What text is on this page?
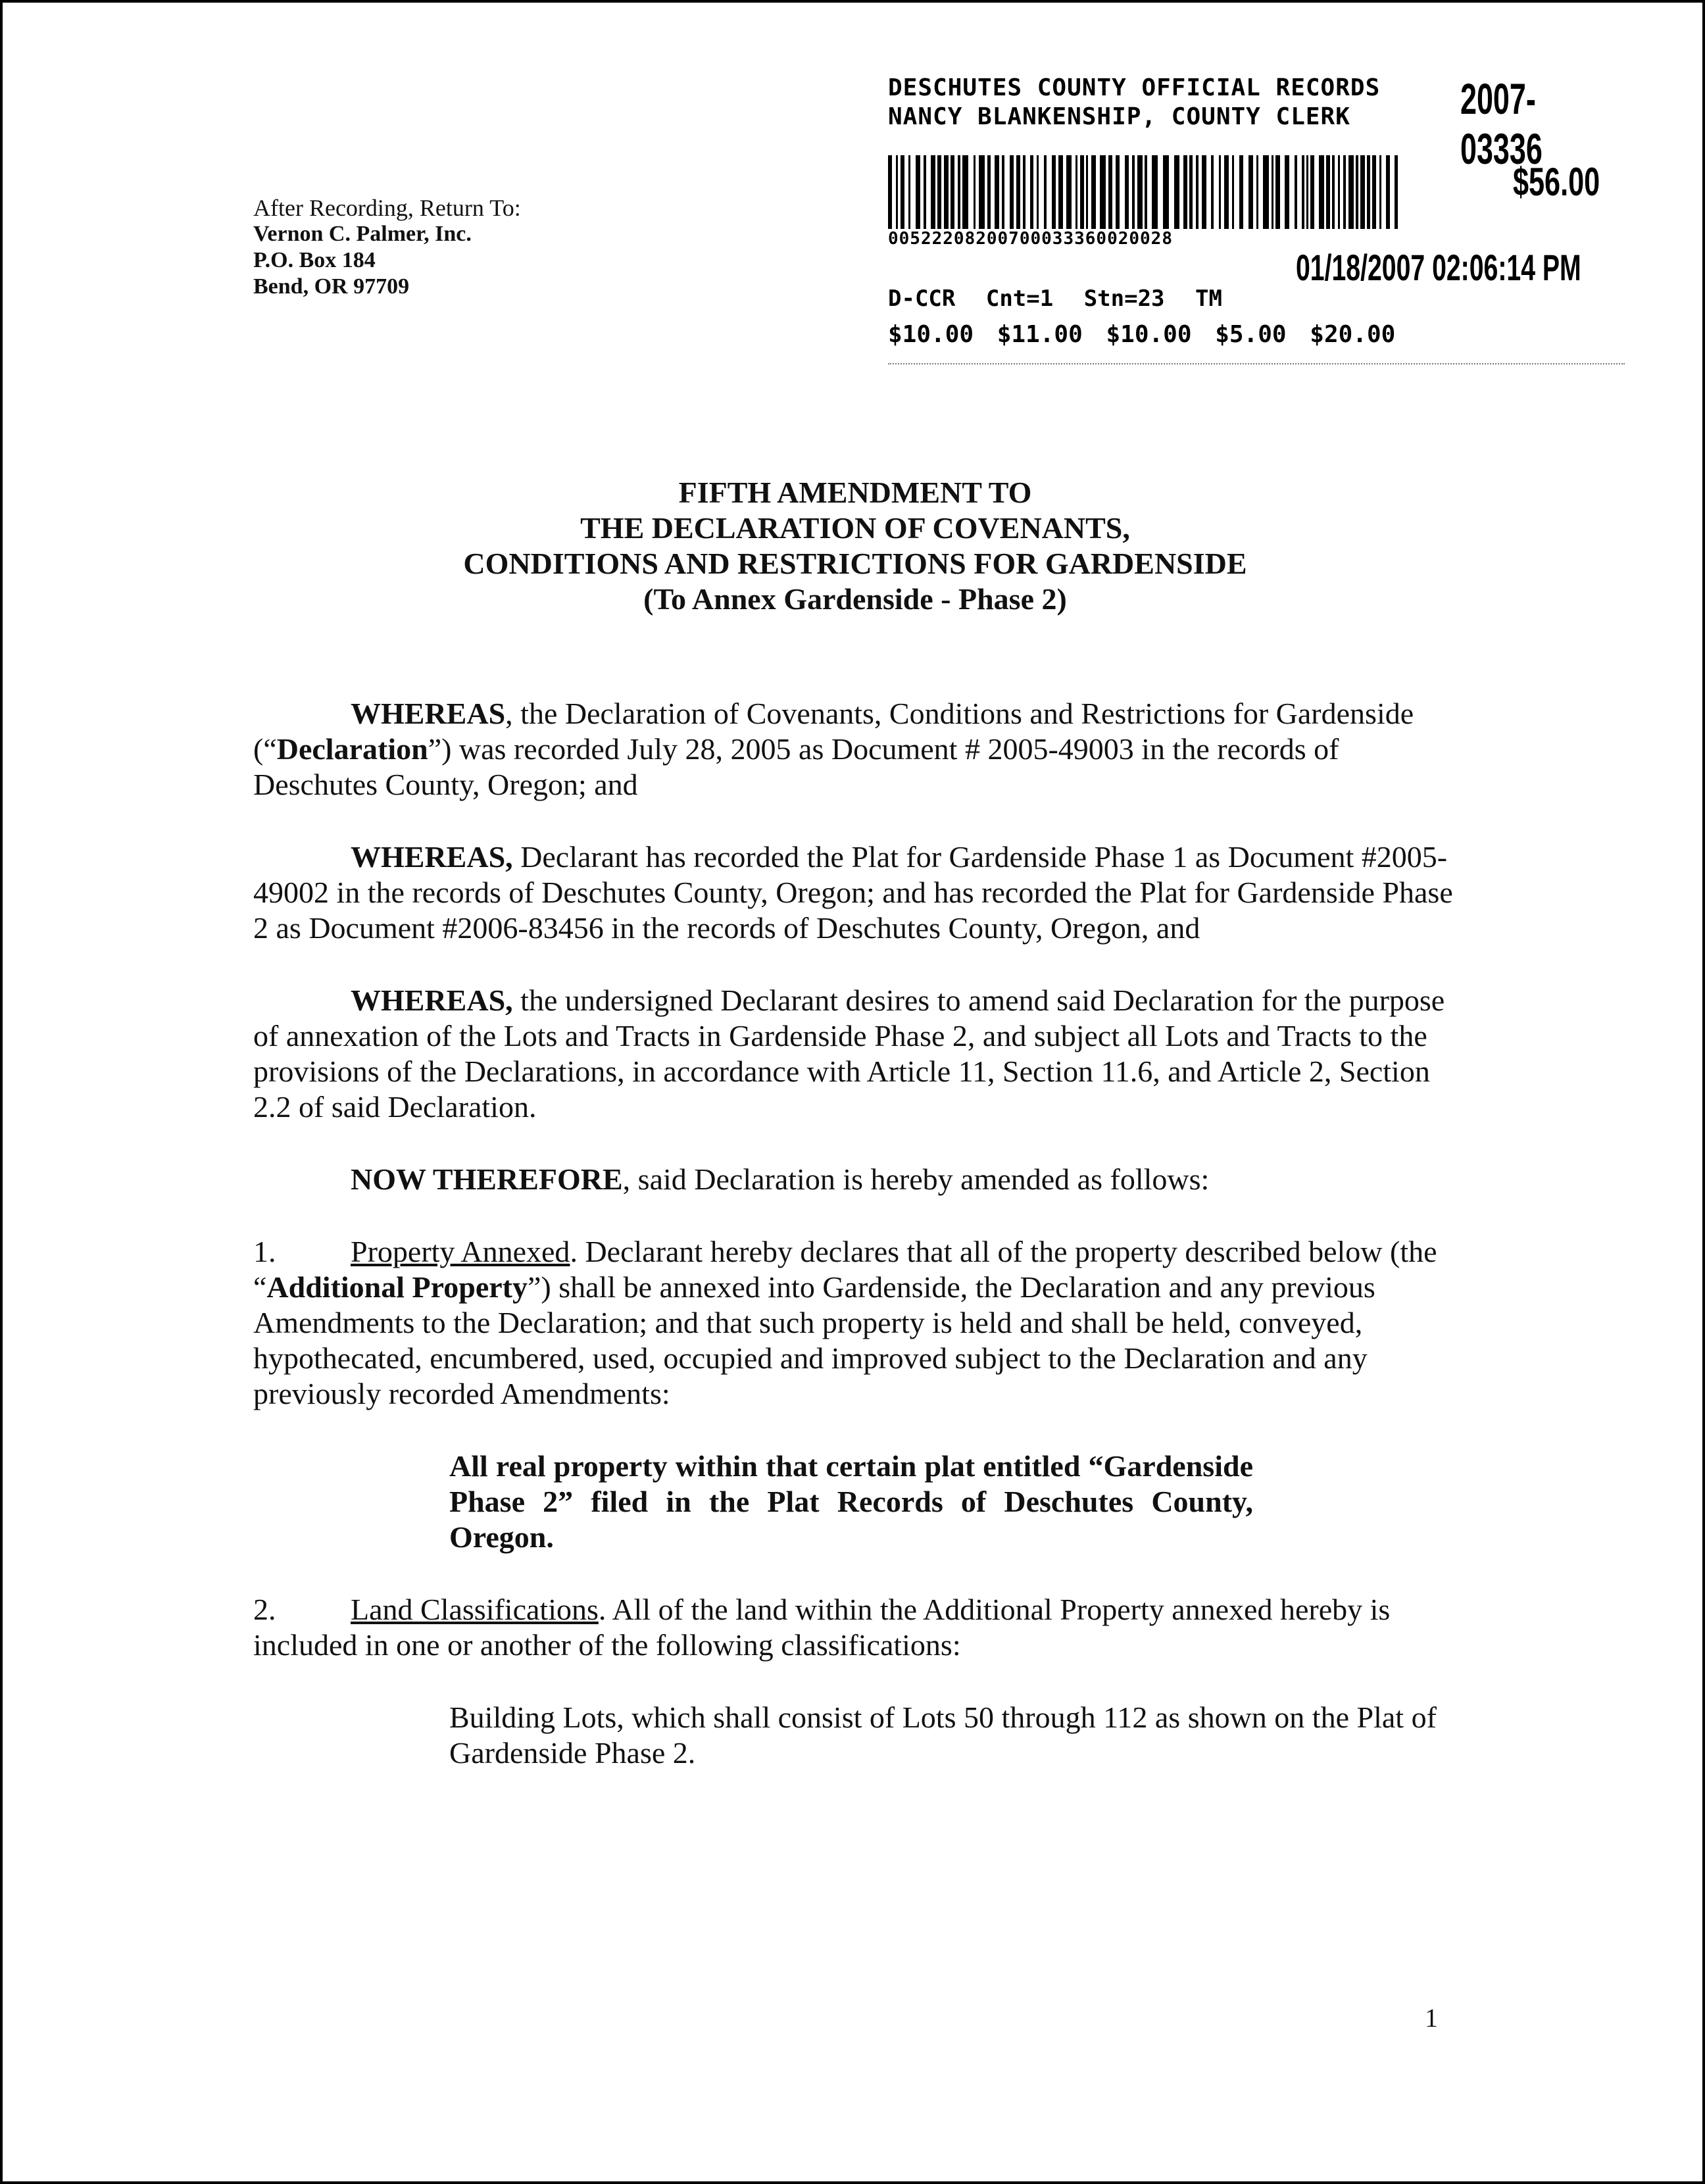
After Recording, Return To:
Vernon C. Palmer, Inc.
P.O. Box 184
Bend, OR 97709
DESCHUTES COUNTY OFFICIAL RECORDS
NANCY BLANKENSHIP, COUNTY CLERK
00522208200700033360020028
2007-03336
$56.00
01/18/2007 02:06:14 PM
D-CCR Cnt=1 Stn=23 TM
$10.00 $11.00 $10.00 $5.00 $20.00
FIFTH AMENDMENT TO
THE DECLARATION OF COVENANTS,
CONDITIONS AND RESTRICTIONS FOR GARDENSIDE
(To Annex Gardenside - Phase 2)

WHEREAS, the Declaration of Covenants, Conditions and Restrictions for Gardenside (“Declaration”) was recorded July 28, 2005 as Document # 2005-49003 in the records of Deschutes County, Oregon; and

WHEREAS, Declarant has recorded the Plat for Gardenside Phase 1 as Document #2005-49002 in the records of Deschutes County, Oregon; and has recorded the Plat for Gardenside Phase 2 as Document #2006-83456 in the records of Deschutes County, Oregon, and

WHEREAS, the undersigned Declarant desires to amend said Declaration for the purpose of annexation of the Lots and Tracts in Gardenside Phase 2, and subject all Lots and Tracts to the provisions of the Declarations, in accordance with Article 11, Section 11.6, and Article 2, Section 2.2 of said Declaration.

NOW THEREFORE, said Declaration is hereby amended as follows:

1. Property Annexed. Declarant hereby declares that all of the property described below (the “Additional Property”) shall be annexed into Gardenside, the Declaration and any previous Amendments to the Declaration; and that such property is held and shall be held, conveyed, hypothecated, encumbered, used, occupied and improved subject to the Declaration and any previously recorded Amendments:

All real property within that certain plat entitled “Gardenside Phase 2” filed in the Plat Records of Deschutes County, Oregon.

2. Land Classifications. All of the land within the Additional Property annexed hereby is included in one or another of the following classifications:

Building Lots, which shall consist of Lots 50 through 112 as shown on the Plat of Gardenside Phase 2.

1
